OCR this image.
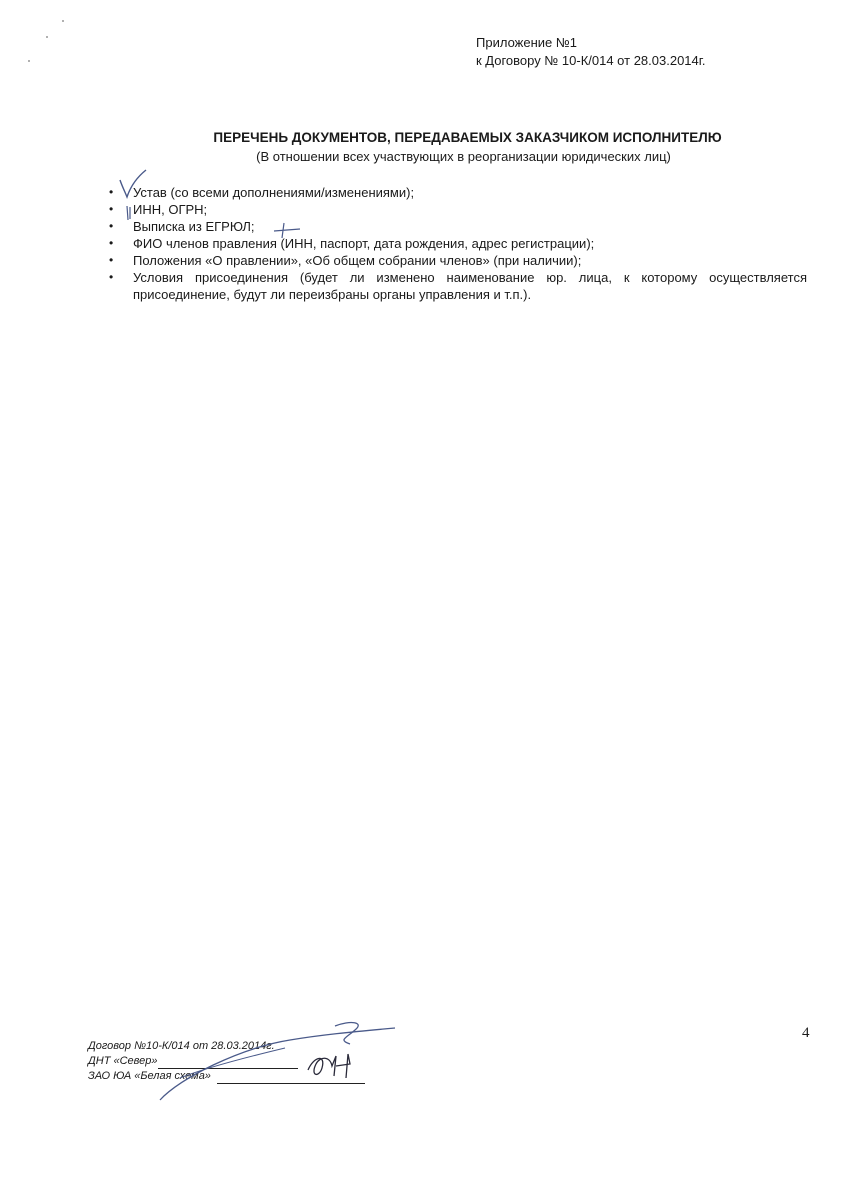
Приложение №1
к Договору № 10-К/014 от 28.03.2014г.
ПЕРЕЧЕНЬ ДОКУМЕНТОВ, ПЕРЕДАВАЕМЫХ ЗАКАЗЧИКОМ ИСПОЛНИТЕЛЮ
(В отношении всех участвующих в реорганизации юридических лиц)
• Устав (со всеми дополнениями/изменениями);
• ИНН, ОГРН;
• Выписка из ЕГРЮЛ;
• ФИО членов правления (ИНН, паспорт, дата рождения, адрес регистрации);
• Положения «О правлении», «Об общем собрании членов» (при наличии);
• Условия присоединения (будет ли изменено наименование юр. лица, к которому осуществляется присоединение, будут ли переизбраны органы управления и т.п.).
4
Договор №10-К/014 от 28.03.2014г.
ДНТ «Север»
ЗАО ЮА «Белая схема»
